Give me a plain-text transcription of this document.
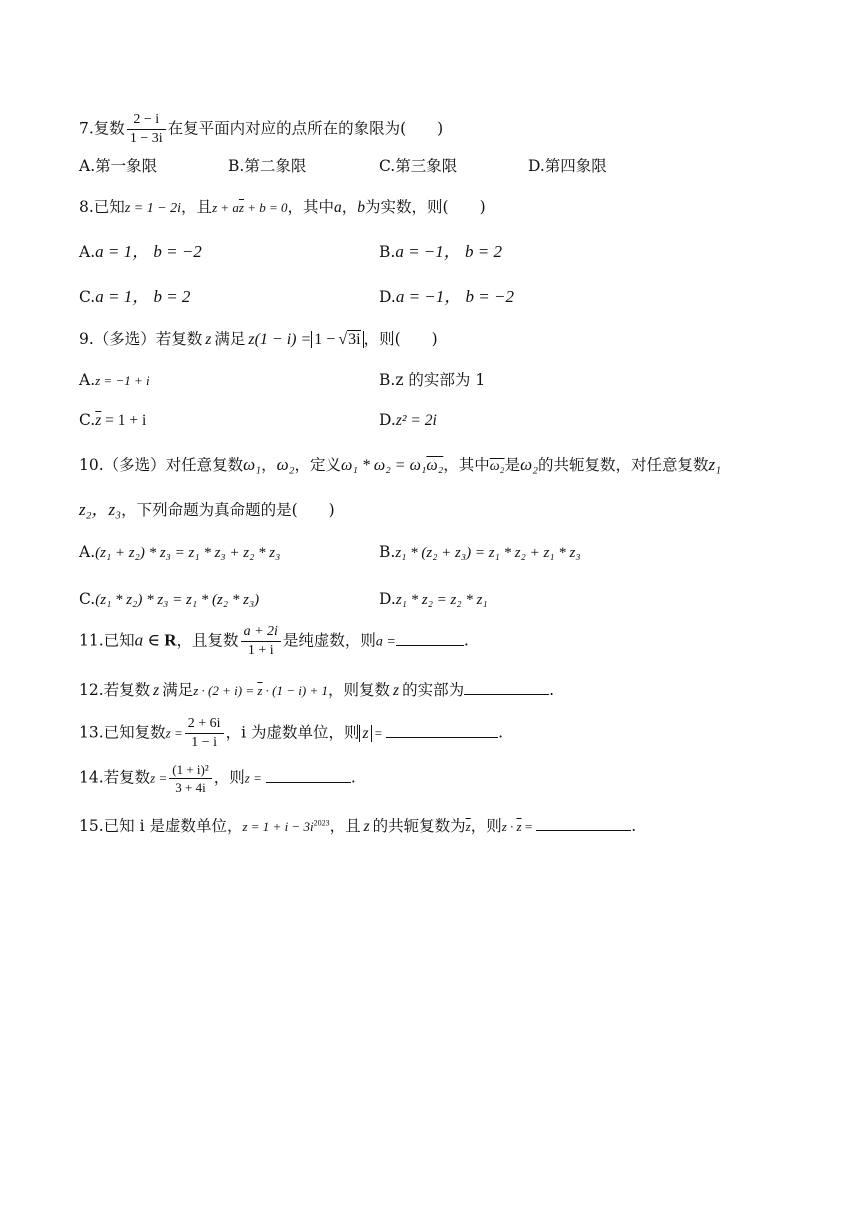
7.复数 $\frac{2 - i}{1 - 3i}$ 在复平面内对应的点所在的象限为(　　)
A.第一象限	B.第二象限	C.第三象限	D.第四象限
8.已知z = 1 − 2i，且$z + a\overline{z} + b = 0$，其中a，b为实数，则(　　)
A.a = 1， b = −2	B.a = −1， b = 2
C.a = 1， b = 2	D.a = −1， b = −2
9.（多选）若复数 z 满足 z(1 − i) = 1 − √3i ，则(　　)
A.z = −1 + i	B.z 的实部为 1
$C.\overline{z} = 1 + i$	D.z² = 2i
10.（多选）对任意复数ω₁，ω₂，定义ω₁ * ω₂ = ω₁ω₂，其中ω₂是ω₂的共轭复数，对任意复数z₁
z₂，z₃，下列命题为真命题的是(　　)
A.(z₁ + z₂) * z₃ = z₁ * z₃ + z₂ * z₃	B.z₁ * (z₂ + z₃) = z₁ * z₂ + z₁ * z₃
C.(z₁ * z₂) * z₃ = z₁ * (z₂ * z₃)	D.z₁ * z₂ = z₂ * z₁
11.已知a ∈ R，且复数 $\frac{a + 2i}{1 + i}$ 是纯虚数，则a =	.
12.若复数 z 满足$z \cdot (2 + i) = \overline{z} \cdot (1 - i) + 1$，则复数 z 的实部为	.
13.已知复数$z = \frac{2 + 6i}{1 - i}$ ，i 为虚数单位，则 z =	.
14.若复数$z = \frac{\text{(1 + i)²}}{3 + 4i}$ ，则z =	.
15.已知 i 是虚数单位，$z = 1 + i - 3i^{2023}$，且 z 的共轭复数为$\overline{z}$，则$z \cdot \overline{z}$ =	.
